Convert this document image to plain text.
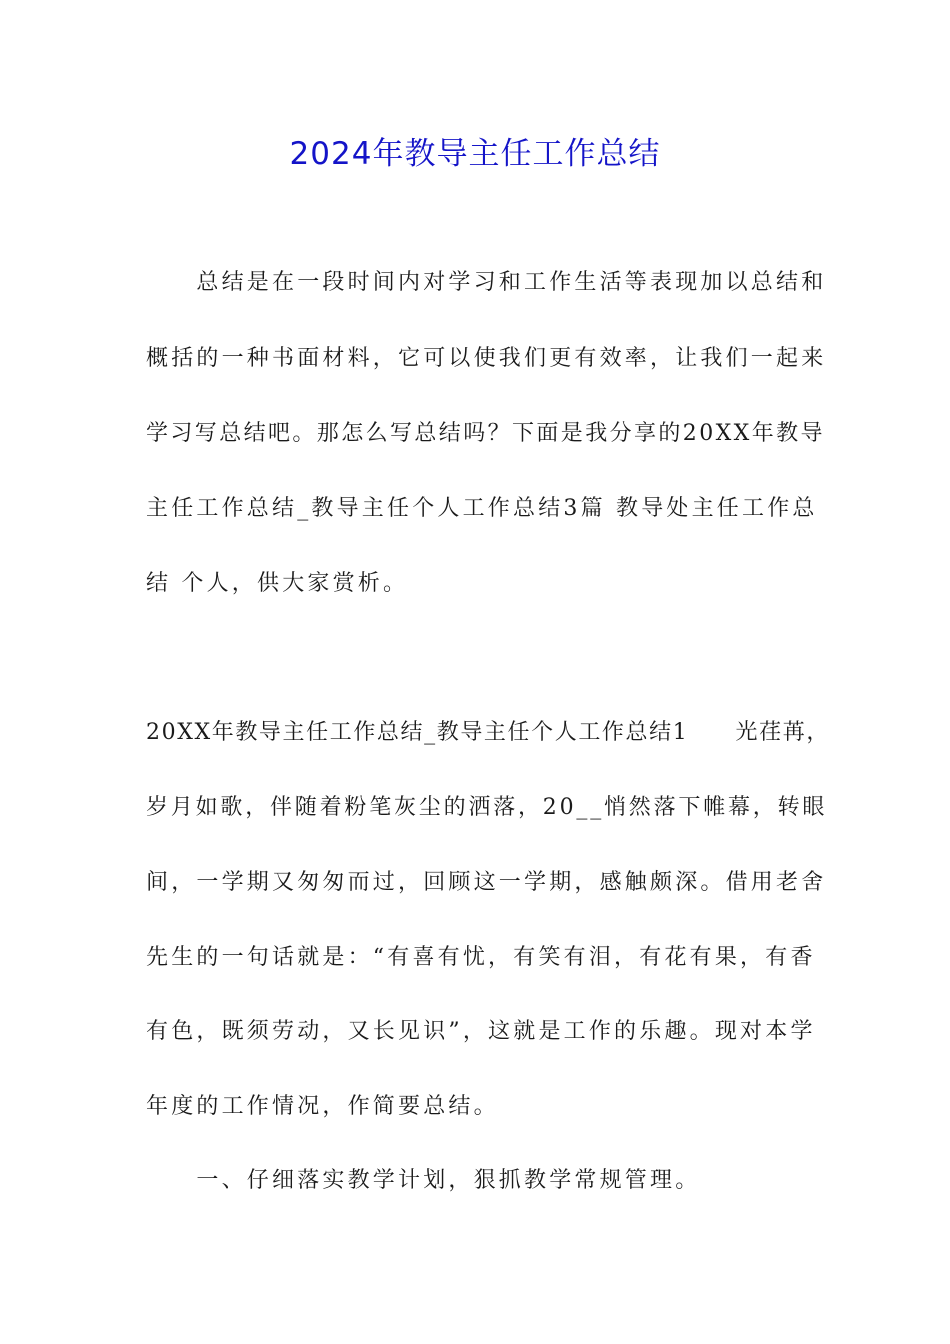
2024年教导主任工作总结

　　总结是在一段时间内对学习和工作生活等表现加以总结和

概括的一种书面材料，它可以使我们更有效率，让我们一起来

学习写总结吧。那怎么写总结吗？下面是我分享的20XX年教导

主任工作总结_教导主任个人工作总结3篇 教导处主任工作总

结 个人，供大家赏析。

20XX年教导主任工作总结_教导主任个人工作总结1　　光荏苒，

岁月如歌，伴随着粉笔灰尘的洒落，20__悄然落下帷幕，转眼

间，一学期又匆匆而过，回顾这一学期，感触颇深。借用老舍

先生的一句话就是：“有喜有忧，有笑有泪，有花有果，有香

有色，既须劳动，又长见识”，这就是工作的乐趣。现对本学

年度的工作情况，作简要总结。

　　一、仔细落实教学计划，狠抓教学常规管理。
